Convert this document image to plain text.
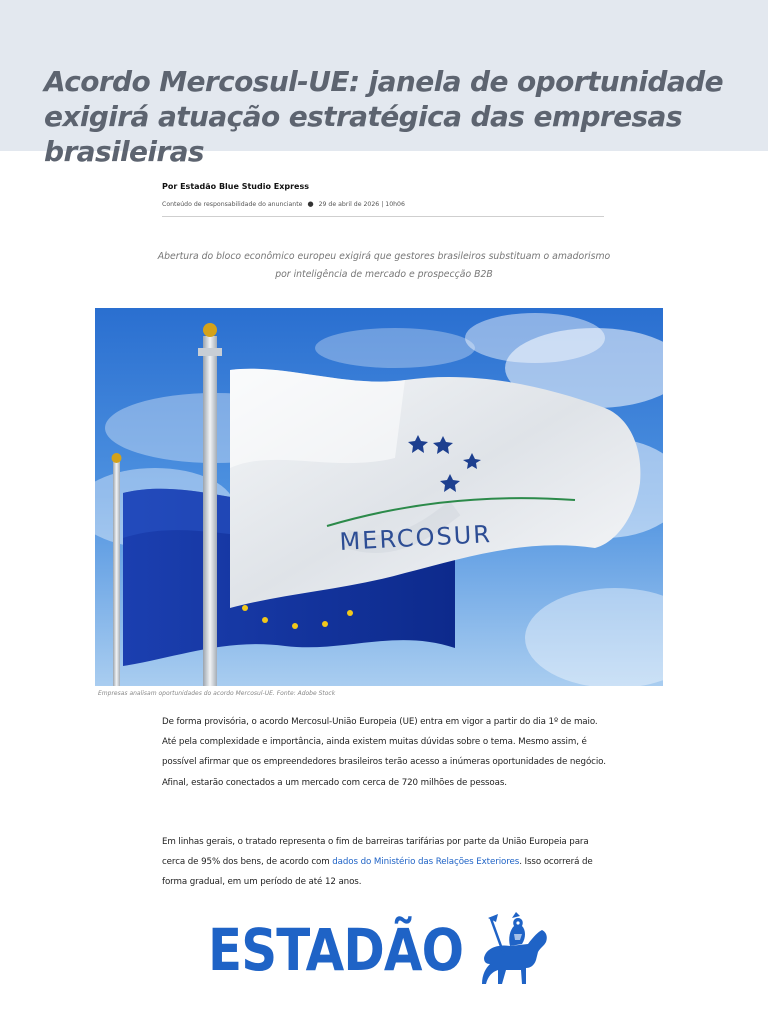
Acordo Mercosul-UE: janela de oportunidade exigirá atuação estratégica das empresas brasileiras
Por Estadão Blue Studio Express
Conteúdo de responsabilidade do anunciante ● 29 de abril de 2026 | 10h06

Abertura do bloco econômico europeu exigirá que gestores brasileiros substituam o amadorismo por inteligência de mercado e prospecção B2B

MERCOSUR
Empresas analisam oportunidades do acordo Mercosul-UE. Fonte: Adobe Stock

De forma provisória, o acordo Mercosul-União Europeia (UE) entra em vigor a partir do dia 1º de maio. Até pela complexidade e importância, ainda existem muitas dúvidas sobre o tema. Mesmo assim, é possível afirmar que os empreendedores brasileiros terão acesso a inúmeras oportunidades de negócio. Afinal, estarão conectados a um mercado com cerca de 720 milhões de pessoas.

Em linhas gerais, o tratado representa o fim de barreiras tarifárias por parte da União Europeia para cerca de 95% dos bens, de acordo com dados do Ministério das Relações Exteriores. Isso ocorrerá de forma gradual, em um período de até 12 anos.

ESTADÃO
